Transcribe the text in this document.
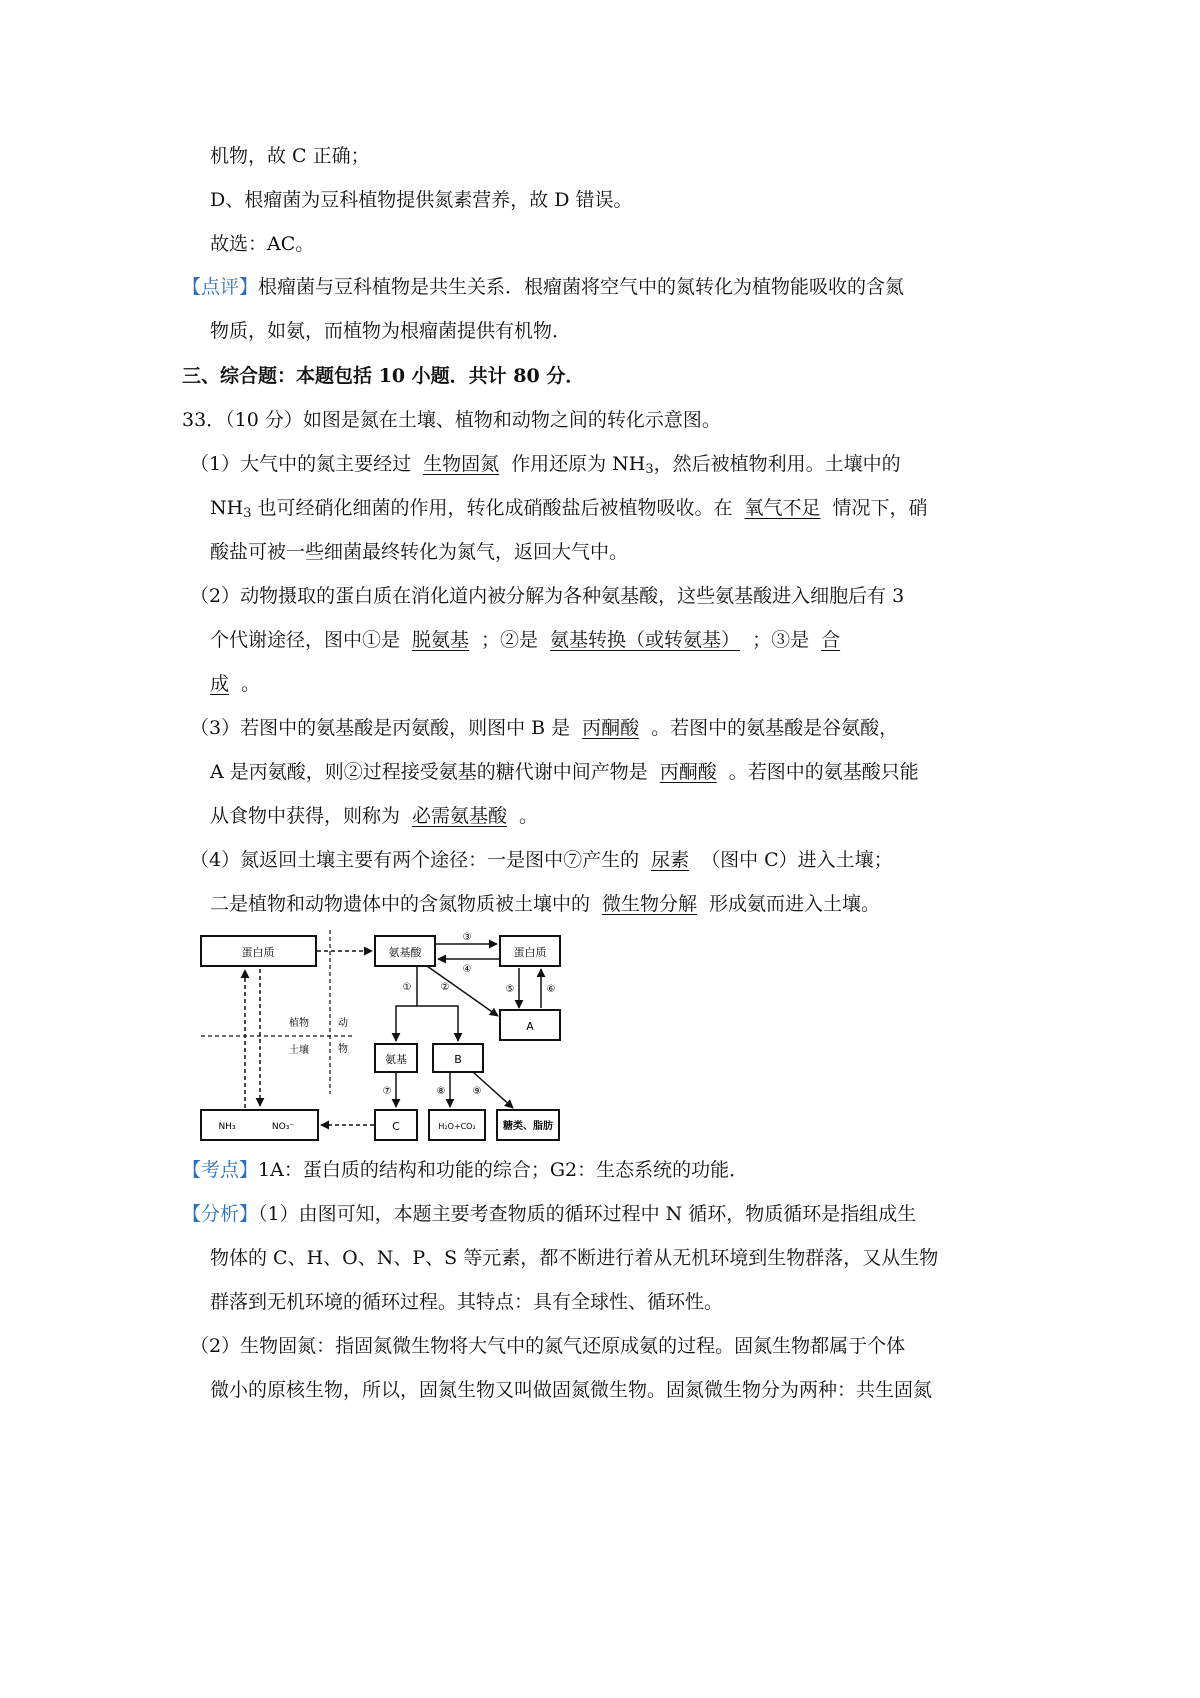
机物，故 C 正确；
D、根瘤菌为豆科植物提供氮素营养，故 D 错误。
故选：AC。
【点评】根瘤菌与豆科植物是共生关系．根瘤菌将空气中的氮转化为植物能吸收的含氮
物质，如氨，而植物为根瘤菌提供有机物．
三、综合题：本题包括 10 小题．共计 80 分．
33．（10 分）如图是氮在土壤、植物和动物之间的转化示意图。
（1）大气中的氮主要经过 生物固氮 作用还原为 $NH_3$，然后被植物利用。土壤中的
$NH_3$ 也可经硝化细菌的作用，转化成硝酸盐后被植物吸收。在 氧气不足 情况下，硝
酸盐可被一些细菌最终转化为氮气，返回大气中。
（2）动物摄取的蛋白质在消化道内被分解为各种氨基酸，这些氨基酸进入细胞后有 3
个代谢途径，图中①是 脱氨基 ；②是 氨基转换（或转氨基） ；③是 合
成 。
（3）若图中的氨基酸是丙氨酸，则图中 B 是 丙酮酸 。若图中的氨基酸是谷氨酸，
A 是丙氨酸，则②过程接受氨基的糖代谢中间产物是 丙酮酸 。若图中的氨基酸只能
从食物中获得，则称为 必需氨基酸 。
（4）氮返回土壤主要有两个途径：一是图中⑦产生的 尿素 （图中 C）进入土壤；
二是植物和动物遗体中的含氮物质被土壤中的 微生物分解 形成氨而进入土壤。
蛋白质	氨基酸	蛋白质
A
氨基	B
NH₃	NO₃⁻	C	H₂O+CO₂	糖类、脂肪
植物
土壤
动
物
③
④
⑤	⑥
①	②
⑦	⑧	⑨
【考点】1A：蛋白质的结构和功能的综合；G2：生态系统的功能．
【分析】（1）由图可知，本题主要考查物质的循环过程中 N 循环，物质循环是指组成生
物体的 C、H、O、N、P、S 等元素，都不断进行着从无机环境到生物群落，又从生物
群落到无机环境的循环过程。其特点：具有全球性、循环性。
（2）生物固氮：指固氮微生物将大气中的氮气还原成氨的过程。固氮生物都属于个体
微小的原核生物，所以，固氮生物又叫做固氮微生物。固氮微生物分为两种：共生固氮
